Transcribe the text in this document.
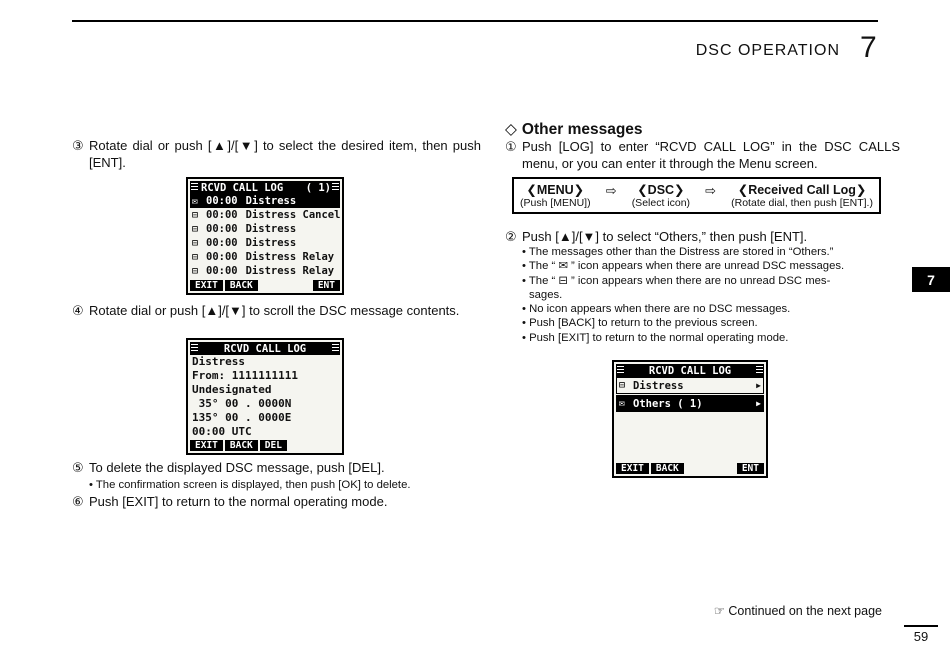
DSC OPERATION 7
③ Rotate dial or push [▲]/[▼] to select the desired item, then push [ENT].
RCVD CALL LOG ( 1)
✉ 00:00 Distress
⊟ 00:00 Distress Cancel
⊟ 00:00 Distress
⊟ 00:00 Distress
⊟ 00:00 Distress Relay
⊟ 00:00 Distress Relay
EXIT	BACK	ENT
④ Rotate dial or push [▲]/[▼] to scroll the DSC message contents.
RCVD CALL LOG
Distress
From: 1111111111
Undesignated
35° 00 . 0000N
135° 00 . 0000E
00:00 UTC
EXIT	BACK	DEL
⑤ To delete the displayed DSC message, push [DEL].
• The confirmation screen is displayed, then push [OK] to delete.
⑥ Push [EXIT] to return to the normal operating mode.
◇ Other messages
① Push [LOG] to enter “RCVD CALL LOG” in the DSC CALLS menu, or you can enter it through the Menu screen.
❮MENU❯
(Push [MENU])
⇨ ❮DSC❯
(Select icon)
⇨ ❮Received Call Log❯
(Rotate dial, then push [ENT].)
② Push [▲]/[▼] to select “Others,” then push [ENT].
• The messages other than the Distress are stored in “Others.”
• The “ ✉ ” icon appears when there are unread DSC messages.
• The “ ⊟ ” icon appears when there are no unread DSC mes-
sages.
• No icon appears when there are no DSC messages.
• Push [BACK] to return to the previous screen.
• Push [EXIT] to return to the normal operating mode.
RCVD CALL LOG
⊟ Distress	▶
✉ Others ( 1)	▶
EXIT	BACK	ENT
7
☞ Continued on the next page
59
